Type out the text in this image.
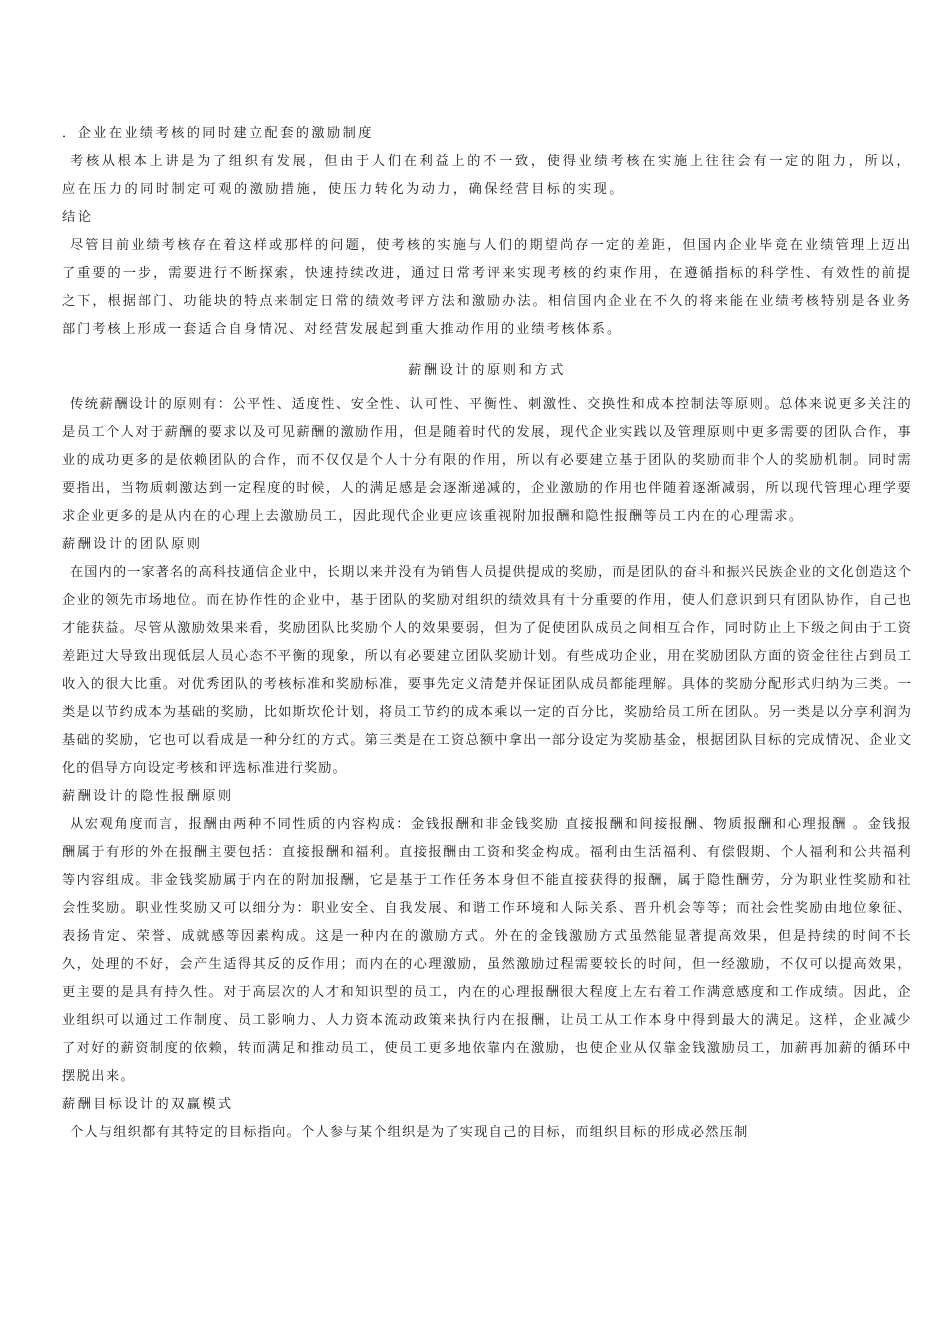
．企业在业绩考核的同时建立配套的激励制度

考核从根本上讲是为了组织有发展，但由于人们在利益上的不一致，使得业绩考核在实施上往往会有一定的阻力，所以，应在压力的同时制定可观的激励措施，使压力转化为动力，确保经营目标的实现。

结论

尽管目前业绩考核存在着这样或那样的问题，使考核的实施与人们的期望尚存一定的差距，但国内企业毕竟在业绩管理上迈出了重要的一步，需要进行不断探索，快速持续改进，通过日常考评来实现考核的约束作用，在遵循指标的科学性、有效性的前提之下，根据部门、功能块的特点来制定日常的绩效考评方法和激励办法。相信国内企业在不久的将来能在业绩考核特别是各业务部门考核上形成一套适合自身情况、对经营发展起到重大推动作用的业绩考核体系。

薪酬设计的原则和方式

传统薪酬设计的原则有：公平性、适度性、安全性、认可性、平衡性、刺激性、交换性和成本控制法等原则。总体来说更多关注的是员工个人对于薪酬的要求以及可见薪酬的激励作用，但是随着时代的发展，现代企业实践以及管理原则中更多需要的团队合作，事业的成功更多的是依赖团队的合作，而不仅仅是个人十分有限的作用，所以有必要建立基于团队的奖励而非个人的奖励机制。同时需要指出，当物质刺激达到一定程度的时候，人的满足感是会逐渐递减的，企业激励的作用也伴随着逐渐减弱，所以现代管理心理学要求企业更多的是从内在的心理上去激励员工，因此现代企业更应该重视附加报酬和隐性报酬等员工内在的心理需求。

薪酬设计的团队原则

在国内的一家著名的高科技通信企业中，长期以来并没有为销售人员提供提成的奖励，而是团队的奋斗和振兴民族企业的文化创造这个企业的领先市场地位。而在协作性的企业中，基于团队的奖励对组织的绩效具有十分重要的作用，使人们意识到只有团队协作，自己也才能获益。尽管从激励效果来看，奖励团队比奖励个人的效果要弱，但为了促使团队成员之间相互合作，同时防止上下级之间由于工资差距过大导致出现低层人员心态不平衡的现象，所以有必要建立团队奖励计划。有些成功企业，用在奖励团队方面的资金往往占到员工收入的很大比重。对优秀团队的考核标准和奖励标准，要事先定义清楚并保证团队成员都能理解。具体的奖励分配形式归纳为三类。一类是以节约成本为基础的奖励，比如斯坎伦计划，将员工节约的成本乘以一定的百分比，奖励给员工所在团队。另一类是以分享利润为基础的奖励，它也可以看成是一种分红的方式。第三类是在工资总额中拿出一部分设定为奖励基金，根据团队目标的完成情况、企业文化的倡导方向设定考核和评选标准进行奖励。

薪酬设计的隐性报酬原则

从宏观角度而言，报酬由两种不同性质的内容构成：金钱报酬和非金钱奖励 直接报酬和间接报酬、物质报酬和心理报酬 。金钱报酬属于有形的外在报酬主要包括：直接报酬和福利。直接报酬由工资和奖金构成。福利由生活福利、有偿假期、个人福利和公共福利等内容组成。非金钱奖励属于内在的附加报酬，它是基于工作任务本身但不能直接获得的报酬，属于隐性酬劳，分为职业性奖励和社会性奖励。职业性奖励又可以细分为：职业安全、自我发展、和谐工作环境和人际关系、晋升机会等等；而社会性奖励由地位象征、表扬肯定、荣誉、成就感等因素构成。这是一种内在的激励方式。外在的金钱激励方式虽然能显著提高效果，但是持续的时间不长久，处理的不好，会产生适得其反的反作用；而内在的心理激励，虽然激励过程需要较长的时间，但一经激励，不仅可以提高效果，更主要的是具有持久性。对于高层次的人才和知识型的员工，内在的心理报酬很大程度上左右着工作满意感度和工作成绩。因此，企业组织可以通过工作制度、员工影响力、人力资本流动政策来执行内在报酬，让员工从工作本身中得到最大的满足。这样，企业减少了对好的薪资制度的依赖，转而满足和推动员工，使员工更多地依靠内在激励，也使企业从仅靠金钱激励员工，加薪再加薪的循环中摆脱出来。

薪酬目标设计的双赢模式

个人与组织都有其特定的目标指向。个人参与某个组织是为了实现自己的目标，而组织目标的形成必然压制
